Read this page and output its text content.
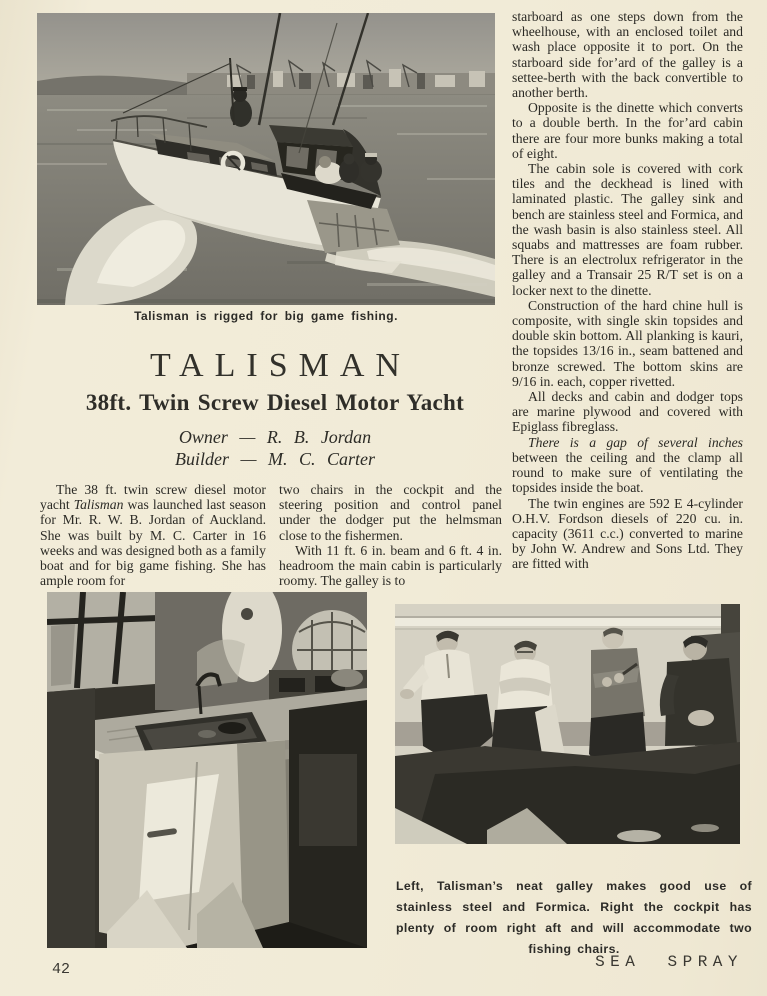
Talisman is rigged for big game fishing.
TALISMAN
38ft. Twin Screw Diesel Motor Yacht
Owner — R. B. Jordan
Builder — M. C. Carter

The 38 ft. twin screw diesel motor yacht Talisman was launched last season for Mr. R. W. B. Jordan of Auckland. She was built by M. C. Carter in 16 weeks and was designed both as a family boat and for big game fishing. She has ample room for

two chairs in the cockpit and the steering position and control panel under the dodger put the helmsman close to the fishermen.

With 11 ft. 6 in. beam and 6 ft. 4 in. headroom the main cabin is particularly roomy. The galley is to

starboard as one steps down from the wheelhouse, with an enclosed toilet and wash place opposite it to port. On the starboard side for’ard of the galley is a settee-berth with the back convertible to another berth.

Opposite is the dinette which converts to a double berth. In the for’ard cabin there are four more bunks making a total of eight.

The cabin sole is covered with cork tiles and the deckhead is lined with laminated plastic. The galley sink and bench are stainless steel and Formica, and the wash basin is also stainless steel. All squabs and mattresses are foam rubber. There is an electrolux refrigerator in the galley and a Transair 25 R/T set is on a locker next to the dinette.

Construction of the hard chine hull is composite, with single skin topsides and double skin bottom. All planking is kauri, the topsides 13/16 in., seam battened and bronze screwed. The bottom skins are 9/16 in. each, copper rivetted.

All decks and cabin and dodger tops are marine plywood and covered with Epiglass fibreglass.

There is a gap of several inches between the ceiling and the clamp all round to make sure of ventilating the topsides inside the boat.

The twin engines are 592 E 4-cylinder O.H.V. Fordson diesels of 220 cu. in. capacity (3611 c.c.) converted to marine by John W. Andrew and Sons Ltd. They are fitted with

Left, Talisman’s neat galley makes good use of stainless steel and Formica. Right the cockpit has plenty of room right aft and will accommodate two fishing chairs.
42	SEA SPRAY
